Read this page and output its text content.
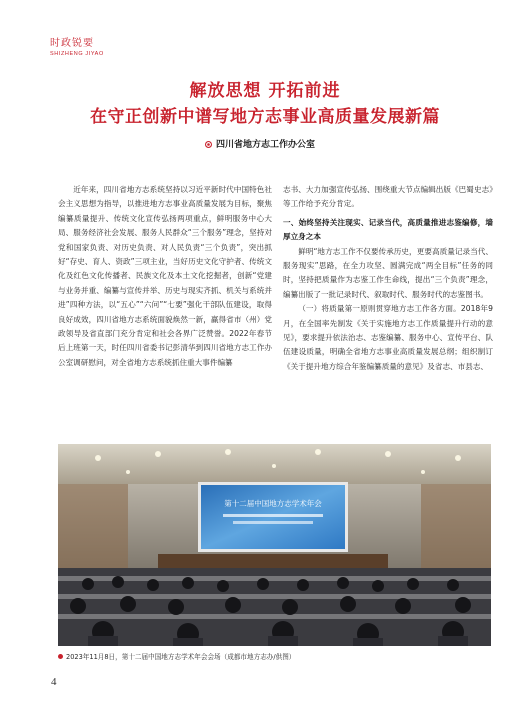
时政锐要
SHIZHENG JIYAO
解放思想 开拓前进
在守正创新中谱写地方志事业高质量发展新篇
四川省地方志工作办公室

近年来，四川省地方志系统坚持以习近平新时代中国特色社会主义思想为指导，以推进地方志事业高质量发展为目标，聚焦编纂质量提升、传统文化宣传弘扬两项重点，鲜明服务中心大局、服务经济社会发展、服务人民群众“三个服务”理念，坚持对党和国家负责、对历史负责、对人民负责“三个负责”，突出抓好“存史、育人、资政”三项主业，当好历史文化守护者、传统文化及红色文化传播者、民族文化及本土文化挖掘者，创新“党建与业务并重、编纂与宣传并举、历史与现实齐抓、机关与系统并进”四种方法，以“五心”“六问”“七要”强化干部队伍建设，取得良好成效，四川省地方志系统面貌焕然一新，赢得省市（州）党政领导及省直部门充分肯定和社会各界广泛赞誉。2022年春节后上班第一天，时任四川省委书记彭清华到四川省地方志工作办公室调研慰问，对全省地方志系统抓住重大事件编纂

志书、大力加强宣传弘扬、围绕重大节点编辑出版《巴蜀史志》等工作给予充分肯定。

一、始终坚持关注现实、记录当代，高质量推进志鉴编修，墙厚立身之本

鲜明“地方志工作不仅要传承历史，更要高质量记录当代、服务现实”思路，在全力攻坚、圆满完成“两全目标”任务的同时，坚持把质量作为志鉴工作生命线，提出“三个负责”理念，编纂出版了一批记录时代、叙取时代、服务时代的志鉴图书。

（一）将质量第一原则贯穿地方志工作各方面。2018年9月，在全国率先制发《关于实施地方志工作质量提升行动的意见》，要求提升依法治志、志鉴编纂、服务中心、宣传平台、队伍建设质量，明确全省地方志事业高质量发展总纲；组织制订《关于提升地方综合年鉴编纂质量的意见》及省志、市县志、

第十二届中国地方志学术年会
2023年11月8日，第十二届中国地方志学术年会会场（成都市地方志办/供图）
4
